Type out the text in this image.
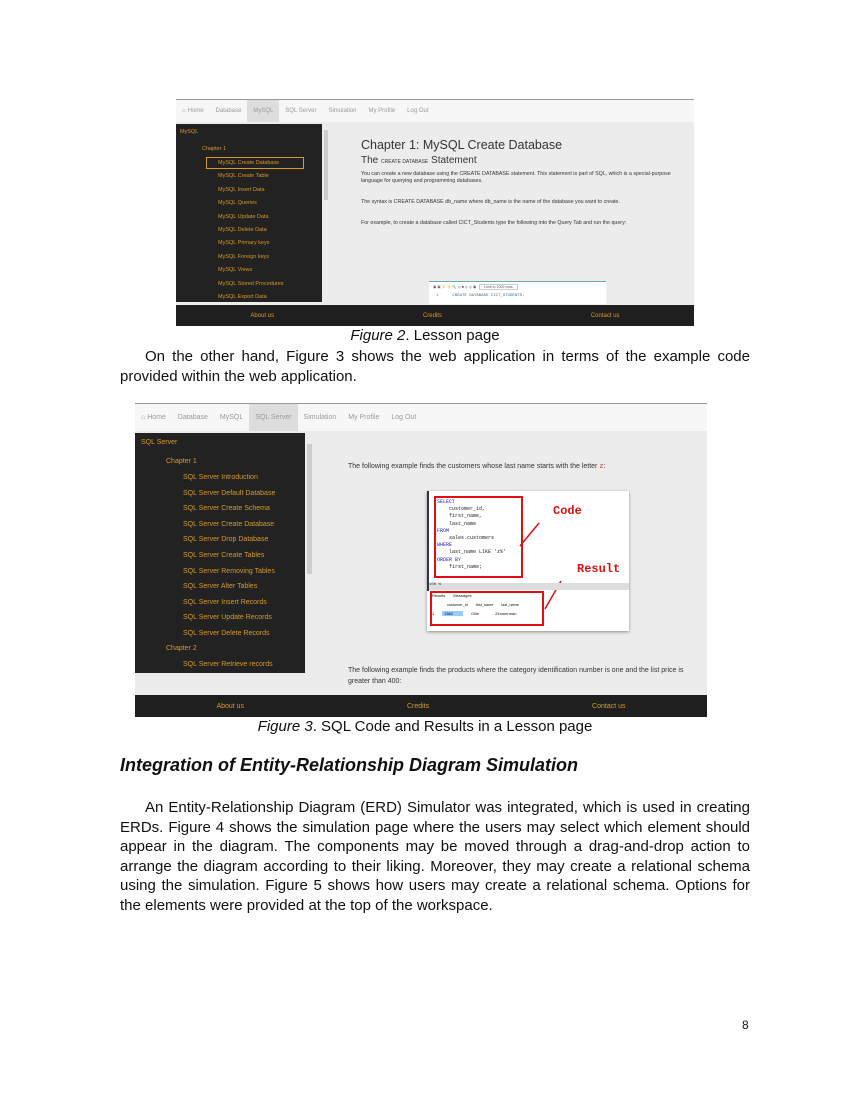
⌂ Home	Database	MySQL	SQL Server	Simulation	My Profile	Log Out
MySQL
Chapter 1
MySQL Create Database
MySQL Create Table
MySQL Insert Data
MySQL Queries
MySQL Update Data
MySQL Delete Data
MySQL Primary keys
MySQL Foreign keys
MySQL Views
MySQL Stored Procedures
MySQL Export Data
Chapter 1: MySQL Create Database
The CREATE DATABASE Statement
You can create a new database using the CREATE DATABASE statement. This statement is part of SQL, which is a special-purpose language for querying and programming databases.
The syntax is CREATE DATABASE db_name where db_name is the name of the database you want to create.
For example, to create a database called CICT_Students type the following into the Query Tab and run the query:
▣▣⚡⚡🔍◎■◎◎▣ Limit to 1000 rows
1	CREATE DATABASE CICT_STUDENTS;
About us	Credits	Contact us
Figure 2. Lesson page
On the other hand, Figure 3 shows the web application in terms of the example code provided within the web application.
⌂ Home	Database	MySQL	SQL Server	Simulation	My Profile	Log Out
SQL Server
Chapter 1
Chapter 2
SQL Server Retrieve records
SQL Server Introduction
SQL Server Default Database
SQL Server Create Schema
SQL Server Create Database
SQL Server Drop Database
SQL Server Create Tables
SQL Server Removing Tables
SQL Server Alter Tables
SQL Server Insert Records
SQL Server Update Records
SQL Server Delete Records
The following example finds the customers whose last name starts with the letter z:
SELECT
customer_id,
first_name,
last_name
FROM
sales.customers
WHERE
last_name LIKE 'z%'
ORDER BY
first_name;
Code
Result
100 %
Results Messages
customer_id first_name last_name
1	1562	Ollie	Zimmerman
The following example finds the products where the category identification number is one and the list price is greater than 400:
About us	Credits	Contact us
Figure 3. SQL Code and Results in a Lesson page
Integration of Entity-Relationship Diagram Simulation
An Entity-Relationship Diagram (ERD) Simulator was integrated, which is used in creating ERDs. Figure 4 shows the simulation page where the users may select which element should appear in the diagram. The components may be moved through a drag-and-drop action to arrange the diagram according to their liking. Moreover, they may create a relational schema using the simulation. Figure 5 shows how users may create a relational schema. Options for the elements were provided at the top of the workspace.
8
